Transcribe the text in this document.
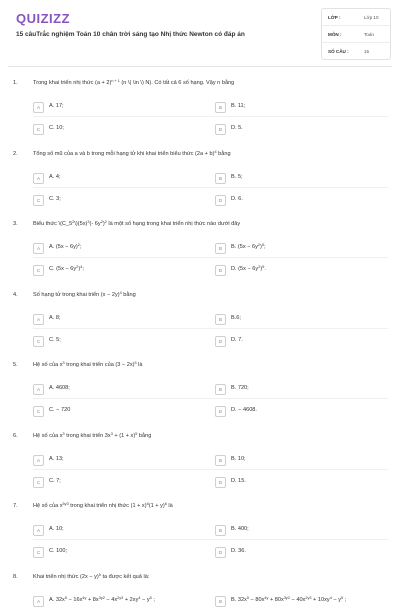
QUIZIZZ
15 câuTrắc nghiệm Toán 10 chân trời sáng tạo Nhị thức Newton có đáp án
LỚP :	Lớp 10
MÔN :	Toán
SỐ CÂU :	15
1.	Trong khai triển nhị thức $(a + 2)^{n + 1}$ (n \( \in \) N). Có tất cả 6 số hạng. Vậy n bằng
A	A. 17;	B	B. 11;
C	C. 10;	D	D. 5.
2.	Tổng số mũ của a và b trong mỗi hạng tử khi khai triển biểu thức $(2a + b)^4$ bằng
A	A. 4;	B	B. 5;
C	C. 3;	D	D. 6.
3.	Biểu thức $\backslash(C\_5^2\backslash)(5x)^3(-$ $6y^2)^2$ là một số hạng trong khai triển nhị thức nào dưới đây
A	A. $(5x - 6y)^2$;	B	B. $(5x - 6y^2)^5$;
C	C. $(5x - 6y^2)^4$;	D	D. $(5x - 6y^2)^5$.
4.	Số hạng tử trong khai triển $(x - 2y)^4$ bằng
A	A. 8;	B	B.6;
C	C. 5;	D	D. 7.
5.	Hệ số của $x^3$ trong khai triển của $(3 - 2x)^5$ là
A	A. 4608;	B	B. 720;
C	C. − 720	D	D. − 4608.
6.	Hệ số của $x^3$ trong khai triển $3x^3 + (1 + x)^5$ bằng
A	A. 13;	B	B. 10;
C	C. 7;	D	D. 15.
7.	Hệ số của $x^{5y3}$ trong khai triển nhị thức $(1 + x)^6(1 + y)^6$ là
A	A. 10;	B	B. 400;
C	C. 100;	D	D. 36.
8.	Khai triển nhị thức $(2x - y)^5$ ta được kết quả là:
A	A. $32x^5 - 16x^{4y} + 8x^{3y2} - 4x^{2y3} + 2xy^4 - y^5$ ;	B	B. $32x^5 - 80x^{4y} + 80x^{3y2} - 40x^{2y3} + 10xy^4 - y^5$ ;
